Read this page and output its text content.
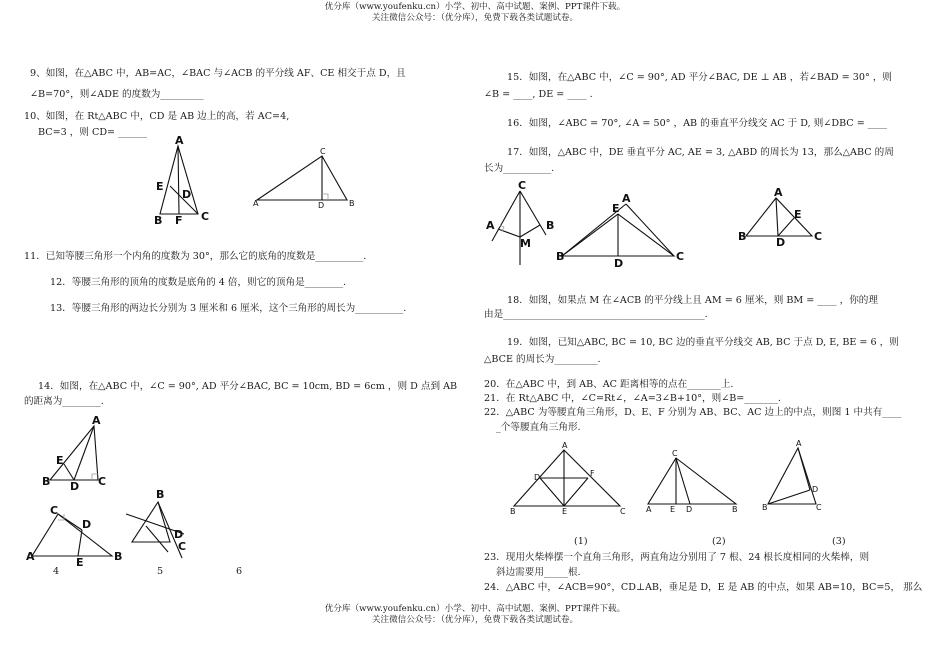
优分库（www.youfenku.cn）小学、初中、高中试题、案例、PPT课件下载。
关注微信公众号：（优分库），免费下载各类试题试卷。
9、如图，在△ABC 中，AB=AC，∠BAC 与∠ACB 的平分线 AF、CE 相交于点 D，且
∠B=70°，则∠ADE 的度数为_________
10、如图，在 Rt△ABC 中，CD 是 AB 边上的高，若 AC=4,
BC=3 ，则 CD= ______
A
E
D
B F C
A
C
D	B
11．已知等腰三角形一个内角的度数为 30°，那么它的底角的度数是__________.
12．等腰三角形的顶角的度数是底角的 4 倍，则它的顶角是________.
13．等腰三角形的两边长分别为 3 厘米和 6 厘米，这个三角形的周长为__________.
14．如图，在△ABC 中，∠C = 90°, AD 平分∠BAC, BC = 10cm, BD = 6cm ，则 D 点到 AB
的距离为________.
A
E
B D C
C
D
A	E	B
B
D
C
4	5	6
15．如图，在△ABC 中，∠C = 90°, AD 平分∠BAC, DE ⊥ AB ，若∠BAD = 30° ，则
∠B = ____, DE = ____ .
16．如图，∠ABC = 70°, ∠A = 50° ，AB 的垂直平分线交 AC 于 D, 则∠DBC = ____
17．如图，△ABC 中，DE 垂直平分 AC, AE = 3, △ABD 的周长为 13，那么△ABC 的周
长为__________.
C
A
M
B
A
E
B
D
C
A
E
B	D	C
18．如图，如果点 M 在∠ACB 的平分线上且 AM = 6 厘米，则 BM = ____ ，你的理
由是__________________________________________.
19．如图，已知△ABC, BC = 10, BC 边的垂直平分线交 AB, BC 于点 D, E, BE = 6 ，则
△BCE 的周长为_________.
20．在△ABC 中，到 AB、AC 距离相等的点在_______上.
21．在 Rt△ABC 中，∠C=Rt∠，∠A=3∠B+10°，则∠B=_______.
22．△ABC 为等腰直角三角形，D、E、F 分别为 AB、BC、AC 边上的中点，则图 1 中共有____
_个等腰直角三角形.
A
D	F
B	E	C
C
A E D	B
A
D
B	C
(1)	(2)	(3)
23．现用火柴棒摆一个直角三角形，两直角边分别用了 7 根、24 根长度相同的火柴棒，则
斜边需要用_____根.
24．△ABC 中，∠ACB=90°，CD⊥AB，垂足是 D，E 是 AB 的中点，如果 AB=10，BC=5， 那么
优分库（www.youfenku.cn）小学、初中、高中试题、案例、PPT课件下载。
关注微信公众号：（优分库），免费下载各类试题试卷。
